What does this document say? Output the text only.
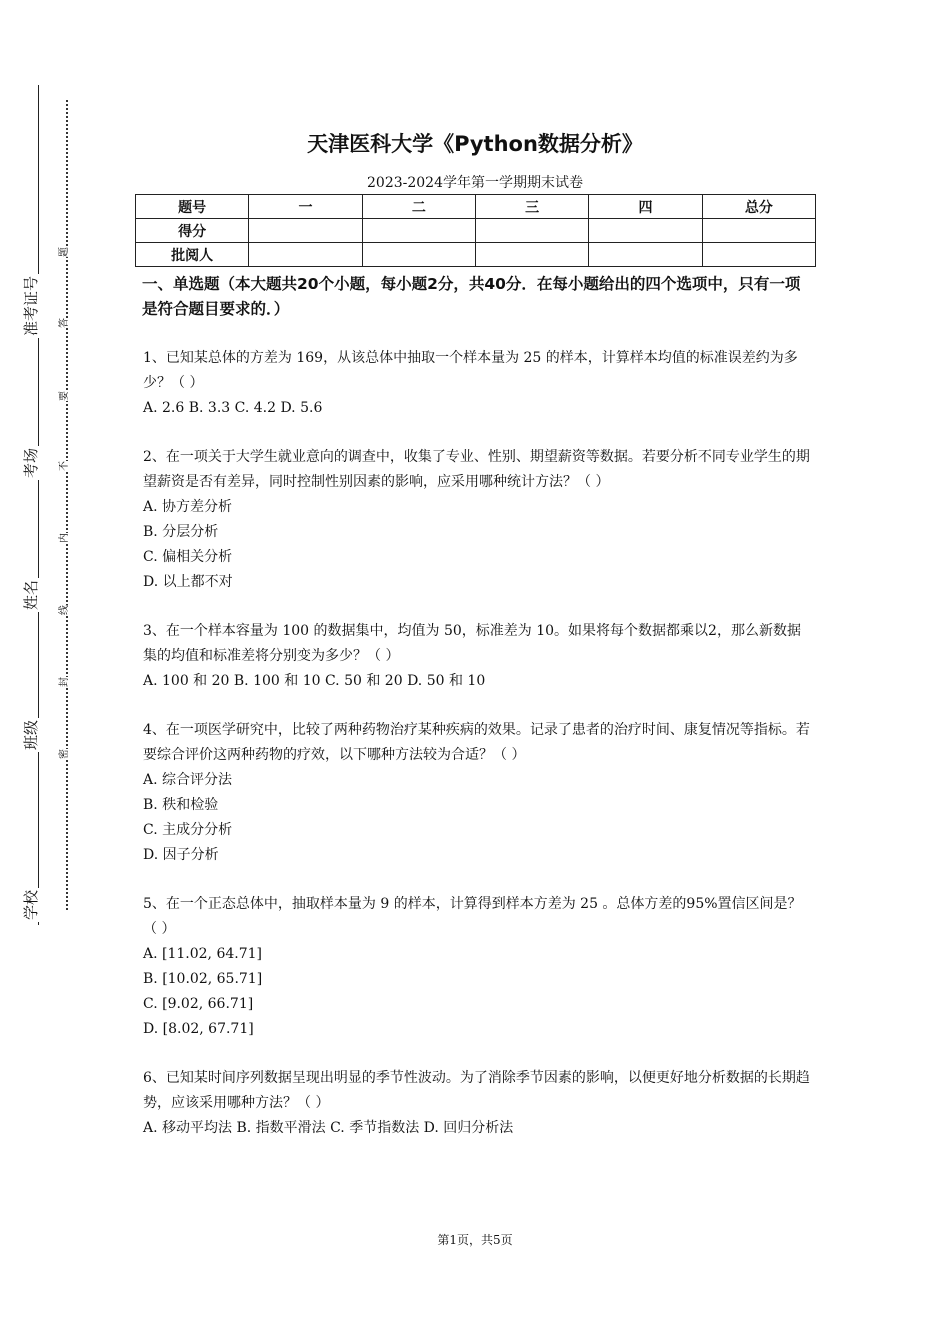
准考证号
考场
姓名
班级
学校
题
答
要
不
内
线
封
密
天津医科大学《Python数据分析》
2023-2024学年第一学期期末试卷
题号	一	二	三	四	总分
得分					
批阅人					
一、单选题（本大题共20个小题，每小题2分，共40分．在每小题给出的四个选项中，只有一项是符合题目要求的．）
1、已知某总体的方差为 169，从该总体中抽取一个样本量为 25 的样本，计算样本均值的标准误差约为多少？（ ）
A. 2.6 B. 3.3 C. 4.2 D. 5.6
2、在一项关于大学生就业意向的调查中，收集了专业、性别、期望薪资等数据。若要分析不同专业学生的期望薪资是否有差异，同时控制性别因素的影响，应采用哪种统计方法？（ ）
A. 协方差分析
B. 分层分析
C. 偏相关分析
D. 以上都不对
3、在一个样本容量为 100 的数据集中，均值为 50，标准差为 10。如果将每个数据都乘以2，那么新数据集的均值和标准差将分别变为多少？（ ）
A. 100 和 20 B. 100 和 10 C. 50 和 20 D. 50 和 10
4、在一项医学研究中，比较了两种药物治疗某种疾病的效果。记录了患者的治疗时间、康复情况等指标。若要综合评价这两种药物的疗效，以下哪种方法较为合适？（ ）
A. 综合评分法
B. 秩和检验
C. 主成分分析
D. 因子分析
5、在一个正态总体中，抽取样本量为 9 的样本，计算得到样本方差为 25 。总体方差的95%置信区间是？（ ）
A. [11.02, 64.71]
B. [10.02, 65.71]
C. [9.02, 66.71]
D. [8.02, 67.71]
6、已知某时间序列数据呈现出明显的季节性波动。为了消除季节因素的影响，以便更好地分析数据的长期趋势，应该采用哪种方法？（ ）
A. 移动平均法 B. 指数平滑法 C. 季节指数法 D. 回归分析法
第1页，共5页
